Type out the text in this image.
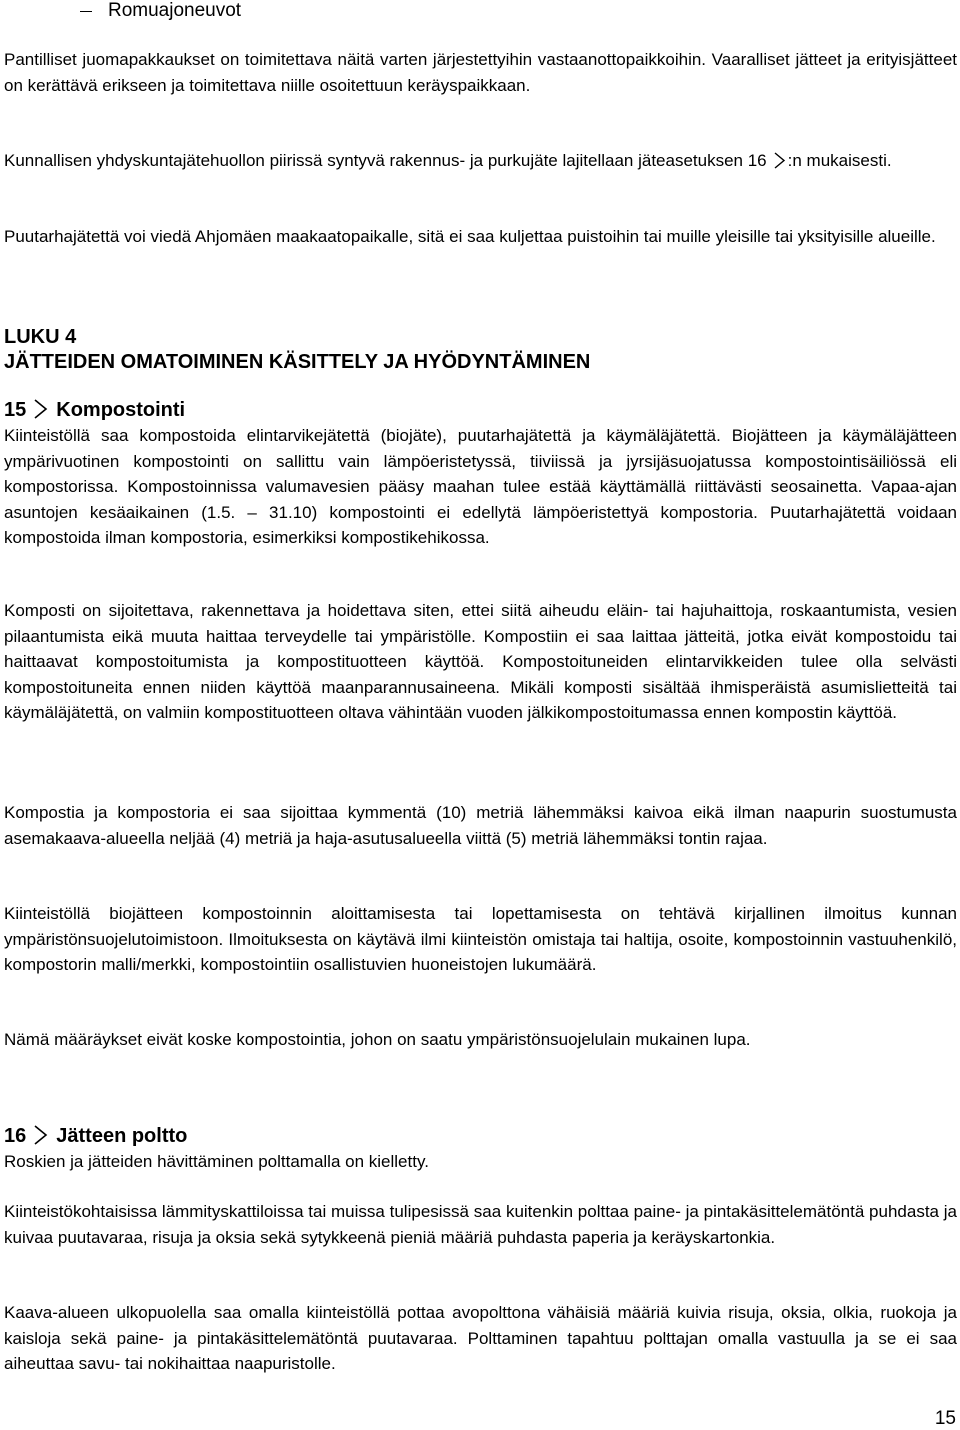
Romuajoneuvot

Pantilliset juomapakkaukset on toimitettava näitä varten järjestettyihin vastaanottopaikkoihin. Vaaralliset jätteet ja erityisjätteet on kerättävä erikseen ja toimitettava niille osoitettuun keräyspaikkaan.

Kunnallisen yhdyskuntajätehuollon piirissä syntyvä rakennus- ja purkujäte lajitellaan jäteasetuksen 16 :n mukaisesti.

Puutarhajätettä voi viedä Ahjomäen maakaatopaikalle, sitä ei saa kuljettaa puistoihin tai muille yleisille tai yksityisille alueille.

LUKU 4
JÄTTEIDEN OMATOIMINEN KÄSITTELY JA HYÖDYNTÄMINEN
15 Kompostointi

Kiinteistöllä saa kompostoida elintarvikejätettä (biojäte), puutarhajätettä ja käymäläjätettä. Biojätteen ja käymäläjätteen ympärivuotinen kompostointi on sallittu vain lämpöeristetyssä, tiiviissä ja jyrsijäsuojatussa kompostointisäiliössä eli kompostorissa. Kompostoinnissa valumavesien pääsy maahan tulee estää käyttämällä riittävästi seosainetta. Vapaa-ajan asuntojen kesäaikainen (1.5. – 31.10) kompostointi ei edellytä lämpöeristettyä kompostoria. Puutarhajätettä voidaan kompostoida ilman kompostoria, esimerkiksi kompostikehikossa.

Komposti on sijoitettava, rakennettava ja hoidettava siten, ettei siitä aiheudu eläin- tai hajuhaittoja, roskaantumista, vesien pilaantumista eikä muuta haittaa terveydelle tai ympäristölle. Kompostiin ei saa laittaa jätteitä, jotka eivät kompostoidu tai haittaavat kompostoitumista ja kompostituotteen käyttöä. Kompostoituneiden elintarvikkeiden tulee olla selvästi kompostoituneita ennen niiden käyttöä maanparannusaineena. Mikäli komposti sisältää ihmisperäistä asumislietteitä tai käymäläjätettä, on valmiin kompostituotteen oltava vähintään vuoden jälkikompostoitumassa ennen kompostin käyttöä.

Kompostia ja kompostoria ei saa sijoittaa kymmentä (10) metriä lähemmäksi kaivoa eikä ilman naapurin suostumusta asemakaava-alueella neljää (4) metriä ja haja-asutusalueella viittä (5) metriä lähemmäksi tontin rajaa.

Kiinteistöllä biojätteen kompostoinnin aloittamisesta tai lopettamisesta on tehtävä kirjallinen ilmoitus kunnan ympäristönsuojelutoimistoon. Ilmoituksesta on käytävä ilmi kiinteistön omistaja tai haltija, osoite, kompostoinnin vastuuhenkilö, kompostorin malli/merkki, kompostointiin osallistuvien huoneistojen lukumäärä.

Nämä määräykset eivät koske kompostointia, johon on saatu ympäristönsuojelulain mukainen lupa.

16 Jätteen poltto

Roskien ja jätteiden hävittäminen polttamalla on kielletty.

Kiinteistökohtaisissa lämmityskattiloissa tai muissa tulipesissä saa kuitenkin polttaa paine- ja pintakäsittelemätöntä puhdasta ja kuivaa puutavaraa, risuja ja oksia sekä sytykkeenä pieniä määriä puhdasta paperia ja keräyskartonkia.

Kaava-alueen ulkopuolella saa omalla kiinteistöllä pottaa avopolttona vähäisiä määriä kuivia risuja, oksia, olkia, ruokoja ja kaisloja sekä paine- ja pintakäsittelemätöntä puutavaraa. Polttaminen tapahtuu polttajan omalla vastuulla ja se ei saa aiheuttaa savu- tai nokihaittaa naapuristolle.

15
